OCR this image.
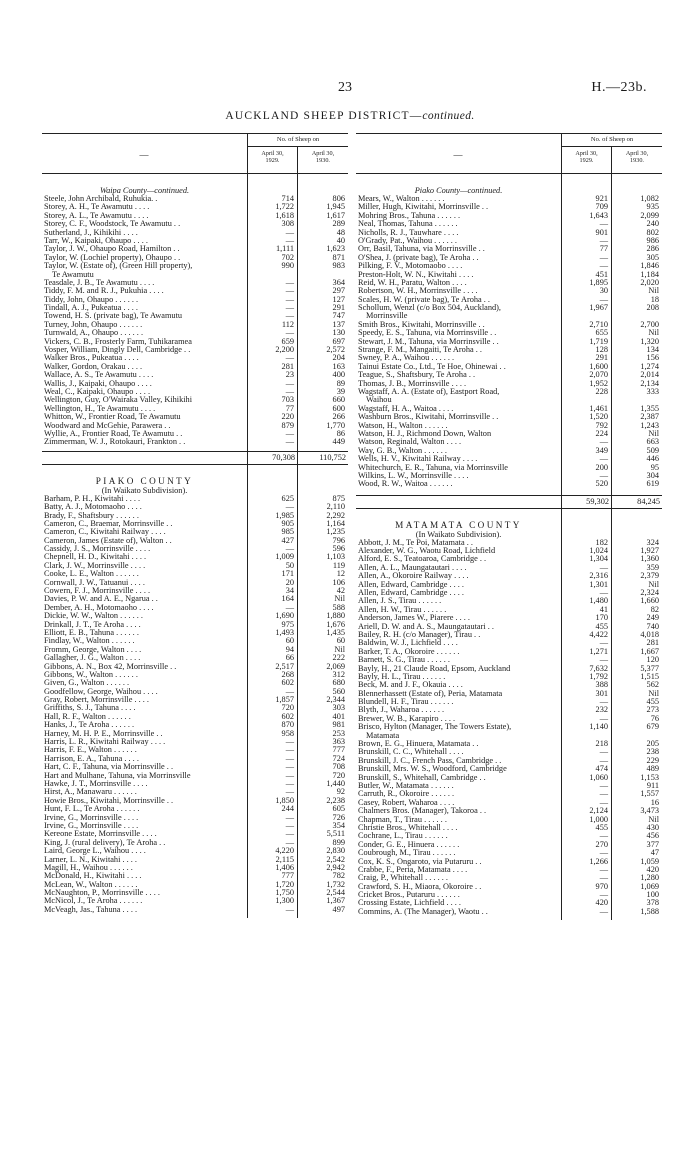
23	H.—23b.
AUCKLAND SHEEP DISTRICT—continued.
—
No. of Sheep on
April 30,
1929.
April 30,
1930.
Waipa County—continued.
Steele, John Archibald, Ruhukia. .	714	806
Storey, A. H., Te Awamutu . . . .	1,722	1,945
Storey, A. L., Te Awamutu . . . .	1,618	1,617
Storey, C. F., Woodstock, Te Awamutu . .	308	289
Sutherland, J., Kihikihi . . . .	—	48
Tarr, W., Kaipaki, Ohaupo . . . .	—	40
Taylor, J. W., Ohaupo Road, Hamilton . .	1,111	1,623
Taylor, W. (Lochiel property), Ohaupo . .	702	871
Taylor, W. (Estate of), (Green Hill property),	990	983
Te Awamutu
Teasdale, J. B., Te Awamutu . . . .	—	364
Tiddy, F. M. and R. J., Pukuhia . . . .	—	297
Tiddy, John, Ohaupo . . . . . .	—	127
Tindall, A. J., Pukeatua . . . .	—	291
Towend, H. S. (private bag), Te Awamutu	—	747
Turney, John, Ohaupo . . . . . .	112	137
Turnwald, A., Ohaupo . . . . . .	—	130
Vickers, C. B., Frosterly Farm, Tuhikaramea	659	697
Vosper, William, Dingly Dell, Cambridge . .	2,200	2,572
Walker Bros., Pukeatua . . . .	—	204
Walker, Gordon, Orakau . . . .	281	163
Wallace, A. S., Te Awamutu . . . .	23	400
Wallis, J., Kaipaki, Ohaupo . . . .	—	89
Weal, C., Kaipaki, Ohaupo . . . .	—	39
Wellington, Guy, O'Wairaka Valley, Kihikihi	703	660
Wellington, H., Te Awamutu . . . .	77	600
Whitton, W., Frontier Road, Te Awamutu	220	266
Woodward and McGehie, Parawera . .	879	1,770
Wyllie, A., Frontier Road, Te Awamutu . .	—	86
Zimmerman, W. J., Rotokauri, Frankton . .	—	449
70,308	110,752
PIAKO COUNTY
(In Waikato Subdivision).
Barham, P. H., Kiwitahi . . . .	625	875
Batty, A. J., Motomaoho . . . .	—	2,110
Brady, F., Shaftsbury . . . . . .	1,985	2,292
Cameron, C., Braemar, Morrinsville . .	905	1,164
Cameron, C., Kiwitahi Railway . . . .	985	1,235
Cameron, James (Estate of), Walton . .	427	796
Cassidy, J. S., Morrinsville . . . .	—	596
Chepnell, H. D., Kiwitahi . . . .	1,009	1,103
Clark, J. W., Morrinsville . . . .	50	119
Cooke, L. E., Walton . . . . . .	171	12
Cornwall, J. W., Tatuanui . . . .	20	106
Cowern, F. J., Morrinsville . . . .	34	42
Davies, P. W. and A. E., Ngarua . .	164	Nil
Dember, A. H., Motomaoho . . . .	—	588
Dickie, W. W., Walton . . . . . .	1,690	1,880
Drinkall, J. T., Te Aroha . . . .	975	1,676
Elliott, E. B., Tahuna . . . . . .	1,493	1,435
Findlay, W., Walton . . . . . .	60	60
Fromm, George, Walton . . . .	94	Nil
Gallagher, J. G., Walton . . . .	66	222
Gibbons, A. N., Box 42, Morrinsville . .	2,517	2,069
Gibbons, W., Walton . . . . . .	268	312
Given, G., Walton . . . . . .	602	680
Goodfellow, George, Waihou . . . .	—	560
Gray, Robert, Morrinsville . . . .	1,857	2,344
Griffiths, S. J., Tahuna . . . .	720	303
Hall, R. F., Walton . . . . . .	602	401
Hanks, J., Te Aroha . . . . . .	870	981
Harney, M. H. P. E., Morrinsville . .	958	253
Harris, L. R., Kiwitahi Railway . . . .	—	363
Harris, F. E., Walton . . . . . .	—	777
Harrison, E. A., Tahuna . . . .	—	724
Hart, C. F., Tahuna, via Morrinsville . .	—	708
Hart and Mulhane, Tahuna, via Morrinsville	—	720
Hawke, J. T., Morrinsville . . . .	—	1,440
Hirst, A., Manawaru . . . . . .	—	92
Howie Bros., Kiwitahi, Morrinsville . .	1,850	2,238
Hunt, F. L., Te Aroha . . . . . .	244	605
Irvine, G., Morrinsville . . . .	—	726
Irvine, G., Morrinsville . . . .	—	354
Kereone Estate, Morrinsville . . . .	—	5,511
King, J. (rural delivery), Te Aroha . .	—	899
Laird, George L., Waihou . . . .	4,220	2,830
Larner, L. N., Kiwitahi . . . .	2,115	2,542
Magill, H., Waihou . . . . . .	1,406	2,942
McDonald, H., Kiwitahi . . . .	777	782
McLean, W., Walton . . . . . .	1,720	1,732
McNaughton, P., Morrinsville . . . .	1,750	2,544
McNicol, J., Te Aroha . . . . . .	1,300	1,367
McVeagh, Jas., Tahuna . . . .	—	497
—
No. of Sheep on
April 30,
1929.
April 30,
1930.
Piako County—continued.
Mears, W., Walton . . . . . .	921	1,082
Miller, Hugh, Kiwitahi, Morrinsville . .	709	935
Mohring Bros., Tahuna . . . . . .	1,643	2,099
Neal, Thomas, Tahuna . . . . . .	—	240
Nicholls, R. J., Tauwhare . . . .	901	802
O'Grady, Pat., Waihou . . . . . .	—	986
Orr, Basil, Tahuna, via Morrinsville . .	77	286
O'Shea, J. (private bag), Te Aroha . .	—	305
Pilking, F. V., Motomaobo . . . .	—	1,846
Preston-Holt, W. N., Kiwitahi . . . .	451	1,184
Reid, W. H., Paratu, Walton . . . .	1,895	2,020
Robertson, W. H., Morrinsville . . . .	30	Nil
Scales, H. W. (private bag), Te Aroha . .	—	18
Schollum, Wenzl (c/o Box 504, Auckland),	1,967	208
Morrinsville
Smith Bros., Kiwitahi, Morrinsville . .	2,710	2,700
Speedy, E. S., Tahuna, via Morrinsville . .	655	Nil
Stewart, J. M., Tahuna, via Morrinsville . .	1,719	1,320
Strange, F. M., Mangaiti, Te Aroha . .	128	134
Swney, P. A., Waihou . . . . . .	291	156
Tainui Estate Co., Ltd., Te Hoe, Ohinewai . .	1,600	1,274
Teague, S., Shaftsbury, Te Aroha . .	2,070	2,014
Thomas, J. B., Morrinsville . . . .	1,952	2,134
Wagstaff, A. A. (Estate of), Eastport Road,	228	333
Waihou
Wagstaff, H. A., Waitoa . . . .	1,461	1,355
Washburn Bros., Kiwitahi, Morrinsville . .	1,520	2,387
Watson, H., Walton . . . . . .	792	1,243
Watson, H. J., Richmond Down, Walton	224	Nil
Watson, Reginald, Walton . . . .	—	663
Way, G. B., Walton . . . . . .	349	509
Wells, H. V., Kiwitahi Railway . . . .	—	446
Whitechurch, E. R., Tahuna, via Morrinsville	200	95
Wilkins, L. W., Morrinsville . . . .	—	304
Wood, R. W., Waitoa . . . . . .	520	619
59,302	84,245
MATAMATA COUNTY
(In Waikato Subdivision).
Abbott, J. M., Te Poi, Matamata . .	182	324
Alexander, W. G., Waotu Road, Lichfield	1,024	1,927
Alford, E. S., Teatoaroa, Cambridge . .	1,304	1,360
Allen, A. L., Maungatautari . . . .	—	359
Allen, A., Okoroire Railway . . . .	2,316	2,379
Allen, Edward, Cambridge . . . .	1,301	Nil
Allen, Edward, Cambridge . . . .	—	2,324
Allen, J. S., Tirau . . . . . .	1,480	1,660
Allen, H. W., Tirau . . . . . .	41	82
Anderson, James W., Piarere . . . .	170	249
Ariell, D. W. and A. S., Maungatautari . .	455	740
Bailey, R. H. (c/o Manager), Tirau . .	4,422	4,018
Baldwin, W. J., Lichfield . . . .	—	281
Barker, T. A., Okoroire . . . . . .	1,271	1,667
Barnett, S. G., Tirau . . . . . .	—	120
Bayly, H., 21 Claude Road, Epsom, Auckland	7,632	5,377
Bayly, H. L., Tirau . . . . . .	1,792	1,515
Beck, M. and J. F., Okauia . . . .	388	562
Blennerhassett (Estate of), Peria, Matamata	301	Nil
Blundell, H. F., Tirau . . . . . .	—	455
Blyth, J., Waharoa . . . . . .	232	273
Brewer, W. B., Karapiro . . . .	—	76
Brisco, Hylton (Manager, The Towers Estate),	1,140	679
Matamata
Brown, E. G., Hinuera, Matamata . .	218	205
Brunskill, C. C., Whitehall . . . .	—	238
Brunskill, J. C., French Pass, Cambridge . .	—	229
Brunskill, Mrs. W. S., Woodford, Cambridge	474	489
Brunskill, S., Whitehall, Cambridge . .	1,060	1,153
Butler, W., Matamata . . . . . .	—	911
Carruth, R., Okoroire . . . . . .	—	1,557
Casey, Robert, Waharoa . . . .	—	16
Chalmers Bros. (Manager), Takoroa . .	2,124	3,473
Chapman, T., Tirau . . . . . .	1,000	Nil
Christie Bros., Whitehall . . . .	455	430
Cochrane, L., Tirau . . . . . .	—	456
Conder, G. E., Hinuera . . . . . .	270	377
Coubrough, M., Tirau . . . . . .	—	47
Cox, K. S., Ongaroto, via Putaruru . .	1,266	1,059
Crabbe, F., Peria, Matamata . . . .	—	420
Craig, P., Whitehall . . . . . .	—	1,280
Crawford, S. H., Miaora, Okoroire . .	970	1,069
Cricket Bros., Putaruru . . . . . .	—	100
Crossing Estate, Lichfield . . . .	420	378
Commins, A. (The Manager), Waotu . .	—	1,588
